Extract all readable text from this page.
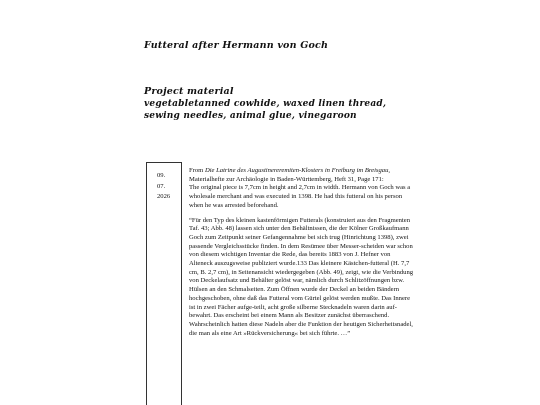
Futteral after Hermann von Goch
Project material
vegetabletanned cowhide, waxed linen thread, sewing needles, animal glue, vinegaroon
09.
07.
2026

From Die Latrine des Augustinereremiten-Klosters in Freiburg im Breisgau, Materialhefte zur Archäologie in Baden-Württemberg, Heft 31, Page 171:
The original piece is 7,7cm in height and 2,7cm in width. Hermann von Goch was a wholesale merchant and was executed in 1398. He had this futteral on his person when he was arrested beforehand.

“Für den Typ des kleinen kastenförmigen Futterals (konstruiert aus den Fragmenten Taf. 43; Abb. 48) lassen sich unter den Behältnissen, die der Kölner Großkaufmann Goch zum Zeitpunkt seiner Gefangennahme bei sich trug (Hinrichtung 1398), zwei passende Vergleichsstücke finden. In dem Resümee über Messer-scheiden war schon von diesem wichtigen Inventar die Rede, das bereits 1883 von J. Hefner von Alteneck auszugsweise publiziert wurde.133 Das kleinere Kästchen-futteral (H. 7,7 cm, B. 2,7 cm), in Seitenansicht wiedergegeben (Abb. 49), zeigt, wie die Verbindung von Deckelaufsatz und Behälter gelöst war, nämlich durch Schlitzöffnungen bzw. Hülsen an den Schmalseiten. Zum Öffnen wurde der Deckel an beiden Bändern hochgeschoben, ohne daß das Futteral vom Gürtel gelöst werden mußte. Das Innere ist in zwei Fächer aufge-teilt, acht große silberne Stecknadeln waren darin auf-bewahrt. Das erscheint bei einem Mann als Besitzer zunächst überraschend. Wahrscheinlich hatten diese Nadeln aber die Funktion der heutigen Sicherheitsnadel, die man als eine Art »Rückversicherung« bei sich führte. …”
